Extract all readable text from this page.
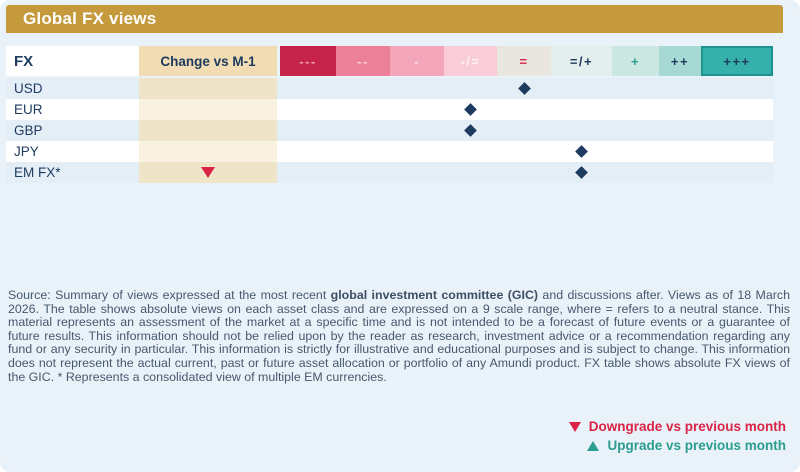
Global FX views
FX	Change vs M-1	---	--	-	-/=	=	=/+	+	++	+++
USD
EUR
GBP
JPY
EM FX*

Source: Summary of views expressed at the most recent global investment committee (GIC) and discussions after. Views as of 18 March 2026. The table shows absolute views on each asset class and are expressed on a 9 scale range, where = refers to a neutral stance. This material represents an assessment of the market at a specific time and is not intended to be a forecast of future events or a guarantee of future results. This information should not be relied upon by the reader as research, investment advice or a recommendation regarding any fund or any security in particular. This information is strictly for illustrative and educational purposes and is subject to change. This information does not represent the actual current, past or future asset allocation or portfolio of any Amundi product. FX table shows absolute FX views of the GIC. * Represents a consolidated view of multiple EM currencies.

Downgrade vs previous month
Upgrade vs previous month
